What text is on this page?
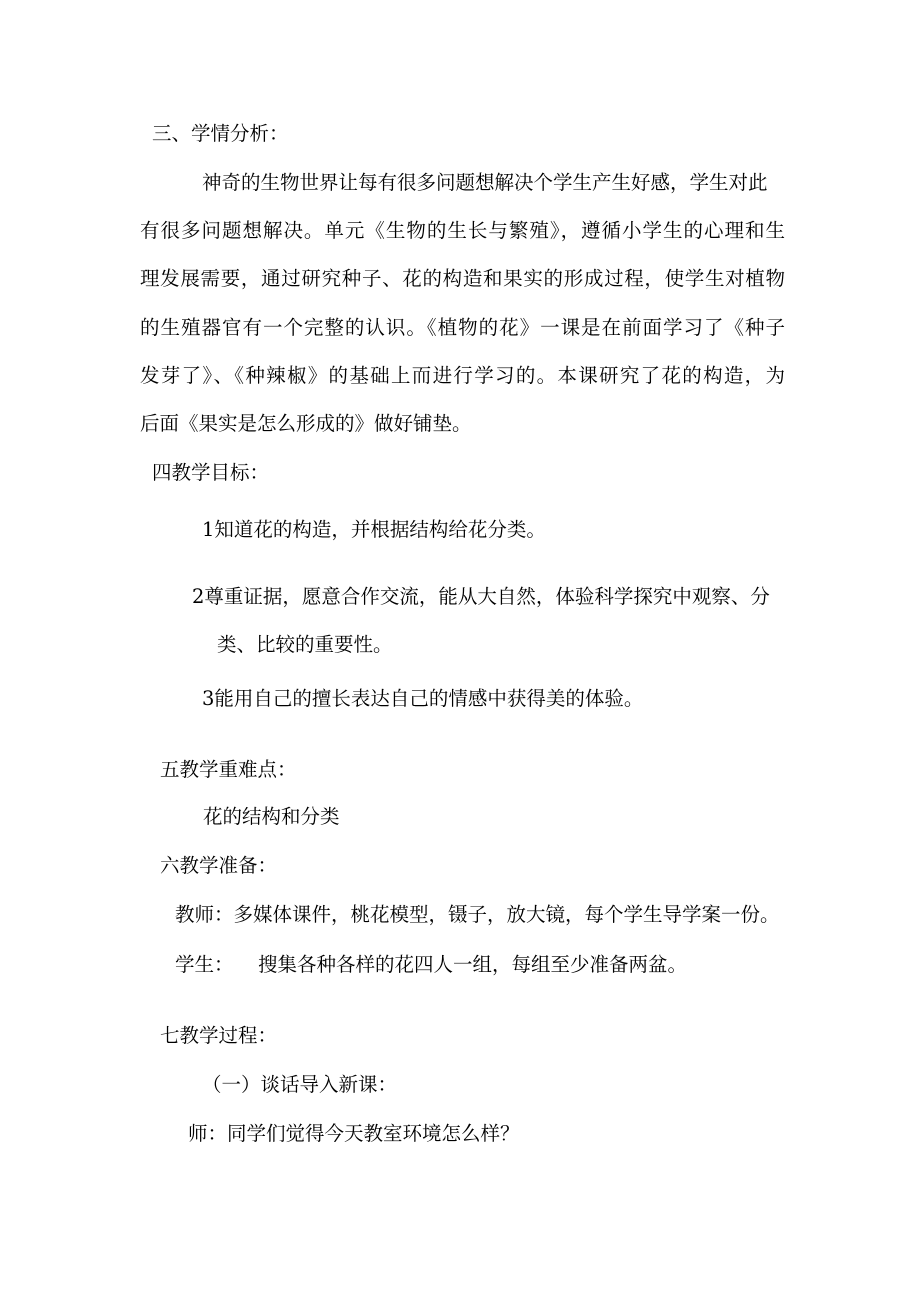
三、学情分析：

神奇的生物世界让每有很多问题想解决个学生产生好感，学生对此

有很多问题想解决。单元《生物的生长与繁殖》，遵循小学生的心理和生

理发展需要，通过研究种子、花的构造和果实的形成过程，使学生对植物

的生殖器官有一个完整的认识。《植物的花》一课是在前面学习了《种子

发芽了》、《种辣椒》的基础上而进行学习的。本课研究了花的构造，为

后面《果实是怎么形成的》做好铺垫。

四教学目标：

1知道花的构造，并根据结构给花分类。

2尊重证据，愿意合作交流，能从大自然，体验科学探究中观察、分

类、比较的重要性。

3能用自己的擅长表达自己的情感中获得美的体验。

五教学重难点：

花的结构和分类

六教学准备：

教师：多媒体课件，桃花模型，镊子，放大镜，每个学生导学案一份。

学生： 搜集各种各样的花四人一组，每组至少准备两盆。

七教学过程：

（一）谈话导入新课：

师：同学们觉得今天教室环境怎么样？
